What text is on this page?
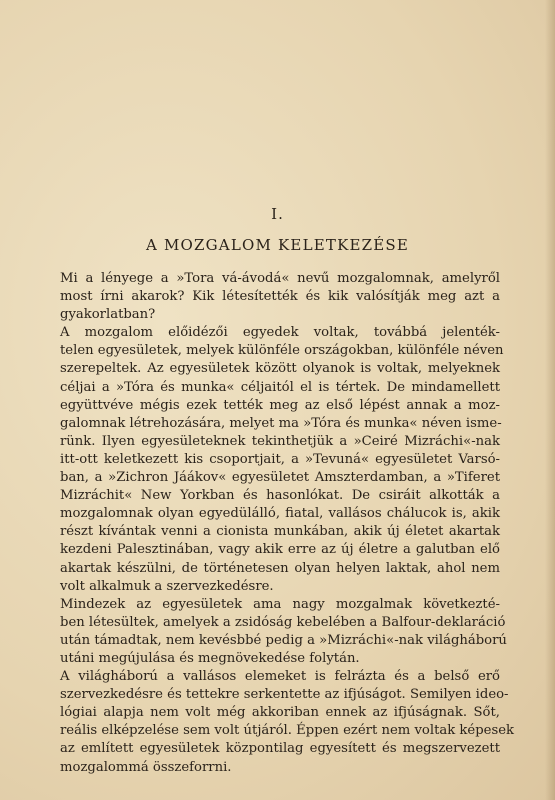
I.
A MOZGALOM KELETKEZÉSE

Mi a lényege a »Tora vá-ávodá« nevű mozgalomnak, amelyről
most írni akarok? Kik létesítették és kik valósítják meg azt a
gyakorlatban?

A mozgalom előidézői egyedek voltak, továbbá jelenték-
telen egyesületek, melyek különféle országokban, különféle néven
szerepeltek. Az egyesületek között olyanok is voltak, melyeknek
céljai a »Tóra és munka« céljaitól el is tértek. De mindamellett
együttvéve mégis ezek tették meg az első lépést annak a moz-
galomnak létrehozására, melyet ma »Tóra és munka« néven isme-
rünk. Ilyen egyesületeknek tekinthetjük a »Ceiré Mizráchi«-nak
itt-ott keletkezett kis csoportjait, a »Tevuná« egyesületet Varsó-
ban, a »Zichron Jáákov« egyesületet Amszterdamban, a »Tiferet
Mizráchit« New Yorkban és hasonlókat. De csiráit alkották a
mozgalomnak olyan egyedülálló, fiatal, vallásos chálucok is, akik
részt kívántak venni a cionista munkában, akik új életet akartak
kezdeni Palesztinában, vagy akik erre az új életre a galutban elő
akartak készülni, de történetesen olyan helyen laktak, ahol nem
volt alkalmuk a szervezkedésre.

Mindezek az egyesületek ama nagy mozgalmak következté-
ben létesültek, amelyek a zsidóság kebelében a Balfour-deklaráció
után támadtak, nem kevésbbé pedig a »Mizráchi«-nak világháború
utáni megújulása és megnövekedése folytán.

A világháború a vallásos elemeket is felrázta és a belső erő
szervezkedésre és tettekre serkentette az ifjúságot. Semilyen ideo-
lógiai alapja nem volt még akkoriban ennek az ifjúságnak. Sőt,
reális elképzelése sem volt útjáról. Éppen ezért nem voltak képesek
az említett egyesületek központilag egyesített és megszervezett
mozgalommá összeforrni.
